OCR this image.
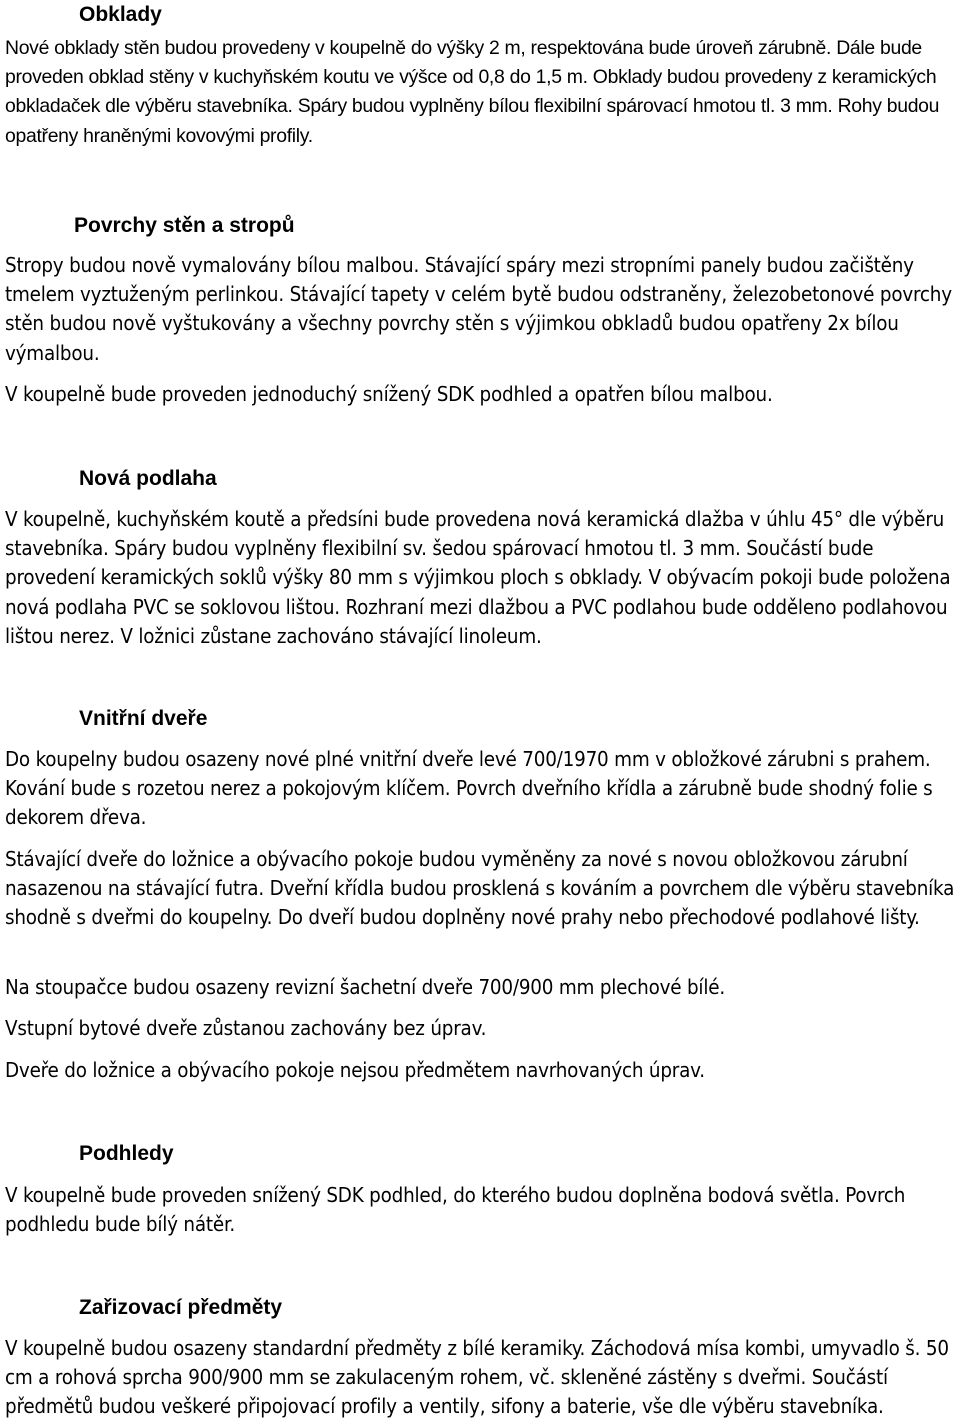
Obklady

Nové obklady stěn budou provedeny v koupelně do výšky 2 m, respektována bude úroveň zárubně. Dále bude proveden obklad stěny v kuchyňském koutu ve výšce od 0,8 do 1,5 m. Obklady budou provedeny z keramických obkladaček dle výběru stavebníka. Spáry budou vyplněny bílou flexibilní spárovací hmotou tl. 3 mm. Rohy budou opatřeny hraněnými kovovými profily.

Povrchy stěn a stropů

Stropy budou nově vymalovány bílou malbou. Stávající spáry mezi stropními panely budou začištěny tmelem vyztuženým perlinkou. Stávající tapety v celém bytě budou odstraněny, železobetonové povrchy stěn budou nově vyštukovány a všechny povrchy stěn s výjimkou obkladů budou opatřeny 2x bílou výmalbou.

V koupelně bude proveden jednoduchý snížený SDK podhled a opatřen bílou malbou.

Nová podlaha

V koupelně, kuchyňském koutě a předsíni bude provedena nová keramická dlažba v úhlu 45° dle výběru stavebníka. Spáry budou vyplněny flexibilní sv. šedou spárovací hmotou tl. 3 mm. Součástí bude provedení keramických soklů výšky 80 mm s výjimkou ploch s obklady. V obývacím pokoji bude položena nová podlaha PVC se soklovou lištou. Rozhraní mezi dlažbou a PVC podlahou bude odděleno podlahovou lištou nerez. V ložnici zůstane zachováno stávající linoleum.

Vnitřní dveře

Do koupelny budou osazeny nové plné vnitřní dveře levé 700/1970 mm v obložkové zárubni s prahem. Kování bude s rozetou nerez a pokojovým klíčem. Povrch dveřního křídla a zárubně bude shodný folie s dekorem dřeva.

Stávající dveře do ložnice a obývacího pokoje budou vyměněny za nové s novou obložkovou zárubní nasazenou na stávající futra. Dveřní křídla budou prosklená s kováním a povrchem dle výběru stavebníka shodně s dveřmi do koupelny. Do dveří budou doplněny nové prahy nebo přechodové podlahové lišty.

Na stoupačce budou osazeny revizní šachetní dveře 700/900 mm plechové bílé.

Vstupní bytové dveře zůstanou zachovány bez úprav.

Dveře do ložnice a obývacího pokoje nejsou předmětem navrhovaných úprav.

Podhledy

V koupelně bude proveden snížený SDK podhled, do kterého budou doplněna bodová světla. Povrch podhledu bude bílý nátěr.

Zařizovací předměty

V koupelně budou osazeny standardní předměty z bílé keramiky. Záchodová mísa kombi, umyvadlo š. 50 cm a rohová sprcha 900/900 mm se zakulaceným rohem, vč. skleněné zástěny s dveřmi. Součástí předmětů budou veškeré připojovací profily a ventily, sifony a baterie, vše dle výběru stavebníka.
